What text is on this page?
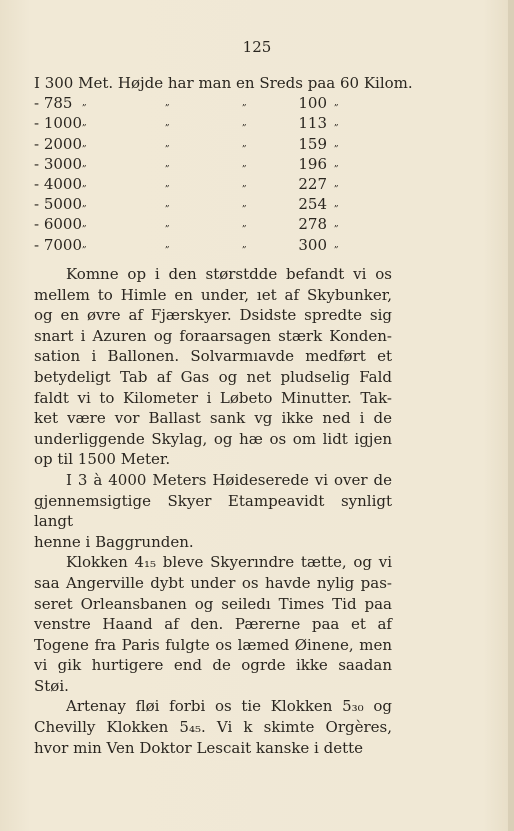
125
I 300 Met. Højde har man en Sreds paa 60 Kilom.
- 785 „	„	„	100 „
- 1000 „	„	„	113 „
- 2000 „	„	„	159 „
- 3000 „	„	„	196 „
- 4000 „	„	„	227 „
- 5000 „	„	„	254 „
- 6000 „	„	„	278 „
- 7000 „	„	„	300 „

Komne op i den størstdde befandt vi os
mellem to Himle en under, ıet af Skybunker,
og en øvre af Fjærskyer. Dsidste spredte sig
snart i Azuren og foraarsagen stærk Konden-
sation i Ballonen. Solvarmıavde medført et
betydeligt Tab af Gas og net pludselig Fald
faldt vi to Kilometer i Løbeto Minutter. Tak-
ket være vor Ballast sank vg ikke ned i de
underliggende Skylag, og hæ os om lidt igjen
op til 1500 Meter.

I 3 à 4000 Meters Høideserede vi over de
gjennemsigtige Skyer Etampeavidt synligt langt
henne i Baggrunden.

Klokken 4₁₅ bleve Skyerındre tætte, og vi
saa Angerville dybt under os havde nylig pas-
seret Orleansbanen og seiledı Times Tid paa
venstre Haand af den. Pærerne paa et af
Togene fra Paris fulgte os læmed Øinene, men
vi gik hurtigere end de ogrde ikke saadan
Støi.

Artenay fløi forbi os tie Klokken 5₃₀ og
Chevilly Klokken 5₄₅. Vi k skimte Orgères,
hvor min Ven Doktor Lescait kanske i dette
